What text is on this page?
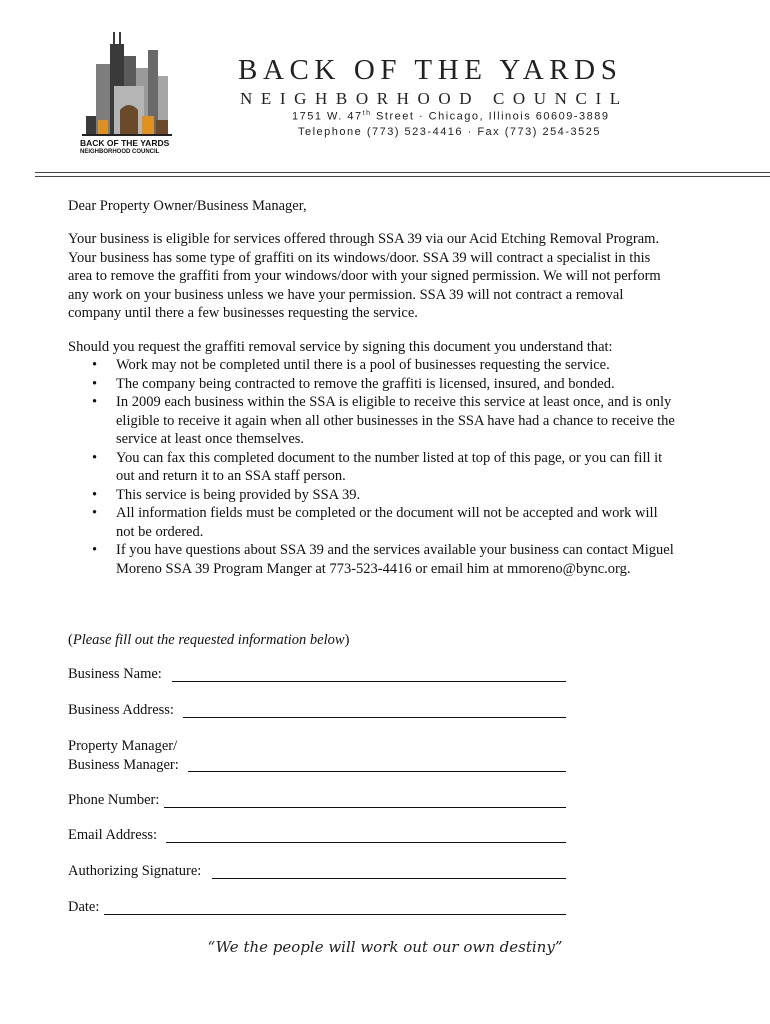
BACK OF THE YARDS
NEIGHBORHOOD COUNCIL
BACK OF THE YARDS
NEIGHBORHOOD COUNCIL
1751 W. 47th Street · Chicago, Illinois 60609-3889
Telephone (773) 523-4416 · Fax (773) 254-3525

Dear Property Owner/Business Manager,

Your business is eligible for services offered through SSA 39 via our Acid Etching Removal Program. Your business has some type of graffiti on its windows/door. SSA 39 will contract a specialist in this area to remove the graffiti from your windows/door with your signed permission. We will not perform any work on your business unless we have your permission. SSA 39 will not contract a removal company until there a few businesses requesting the service.

Should you request the graffiti removal service by signing this document you understand that:

• Work may not be completed until there is a pool of businesses requesting the service.
• The company being contracted to remove the graffiti is licensed, insured, and bonded.
• In 2009 each business within the SSA is eligible to receive this service at least once, and is only eligible to receive it again when all other businesses in the SSA have had a chance to receive the service at least once themselves.
• You can fax this completed document to the number listed at top of this page, or you can fill it out and return it to an SSA staff person.
• This service is being provided by SSA 39.
• All information fields must be completed or the document will not be accepted and work will not be ordered.
• If you have questions about SSA 39 and the services available your business can contact Miguel Moreno SSA 39 Program Manger at 773-523-4416 or email him at mmoreno@bync.org.

(Please fill out the requested information below)

Business Name:
Business Address:
Property Manager/
Business Manager:
Phone Number:
Email Address:
Authorizing Signature:
Date:
“We the people will work out our own destiny”
